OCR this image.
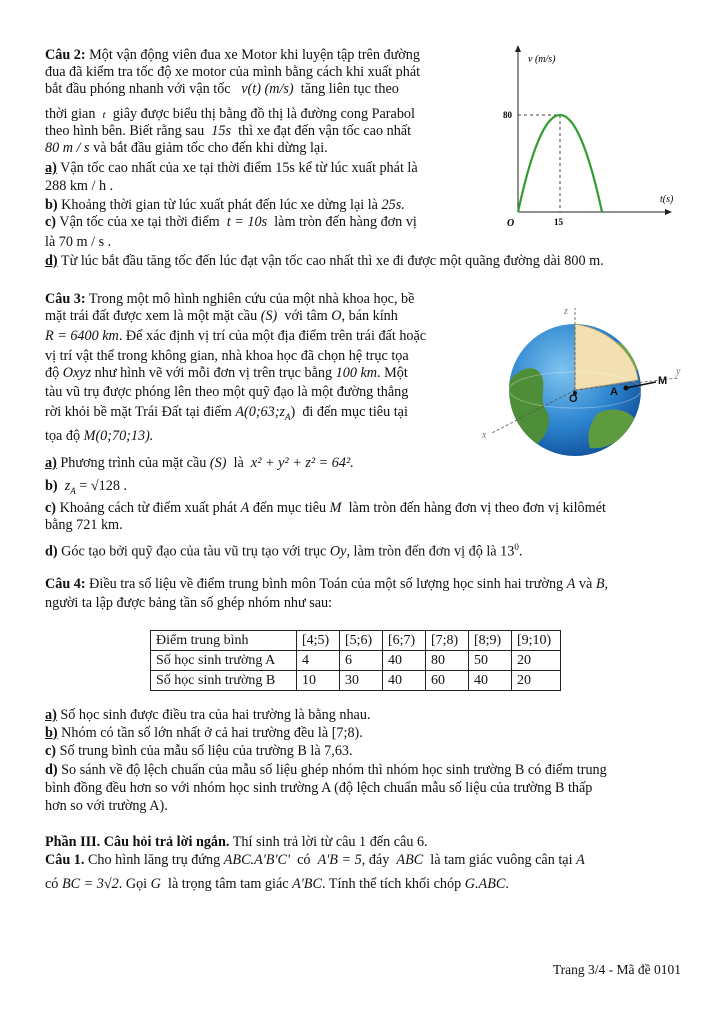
Câu 2: Một vận động viên đua xe Motor khi luyện tập trên đường
đua đã kiểm tra tốc độ xe motor của mình bằng cách khi xuất phát
bắt đầu phóng nhanh với vận tốc v(t) (m/s) tăng liên tục theo
thời gian t giây được biểu thị bằng đồ thị là đường cong Parabol
theo hình bên. Biết rằng sau 15s thì xe đạt đến vận tốc cao nhất
80 m / s và bắt đầu giảm tốc cho đến khi dừng lại.
a) Vận tốc cao nhất của xe tại thời điểm 15s kể từ lúc xuất phát là
288 km / h .
b) Khoảng thời gian từ lúc xuất phát đến lúc xe dừng lại là 25s.
c) Vận tốc của xe tại thời điểm t = 10s làm tròn đến hàng đơn vị
là 70 m / s .
d) Từ lúc bắt đầu tăng tốc đến lúc đạt vận tốc cao nhất thì xe đi được một quãng đường dài 800 m.
v (m/s)
t(s)
O
80
15
Câu 3: Trong một mô hình nghiên cứu của một nhà khoa học, bề
mặt trái đất được xem là một mặt cầu (S) với tâm O, bán kính
R = 6400 km. Để xác định vị trí của một địa điểm trên trái đất hoặc
vị trí vật thể trong không gian, nhà khoa học đã chọn hệ trục tọa
độ Oxyz như hình vẽ với mỗi đơn vị trên trục bằng 100 km. Một
tàu vũ trụ được phóng lên theo một quỹ đạo là một đường thẳng
rời khỏi bề mặt Trái Đất tại điểm $A(0;63;z_A)$ đi đến mục tiêu tại
tọa độ M(0;70;13).
a) Phương trình của mặt cầu (S) là x² + y² + z² = 64².
b) $z_A = √128$ .
c) Khoảng cách từ điểm xuất phát A đến mục tiêu M làm tròn đến hàng đơn vị theo đơn vị kilômét
bằng 721 km.
d) Góc tạo bởi quỹ đạo của tàu vũ trụ tạo với trục Oy, làm tròn đến đơn vị độ là $13^0$.
z
x
y
O
A
M
Câu 4: Điều tra số liệu về điểm trung bình môn Toán của một số lượng học sinh hai trường A và B,
người ta lập được bảng tần số ghép nhóm như sau:
Điểm trung bình	[4;5)	[5;6)	[6;7)	[7;8)	[8;9)	[9;10)
Số học sinh trường A	4	6	40	80	50	20
Số học sinh trường B	10	30	40	60	40	20
a) Số học sinh được điều tra của hai trường là bằng nhau.
b) Nhóm có tần số lớn nhất ở cả hai trường đều là [7;8).
c) Số trung bình của mẫu số liệu của trường B là 7,63.
d) So sánh về độ lệch chuẩn của mẫu số liệu ghép nhóm thì nhóm học sinh trường B có điểm trung
bình đồng đều hơn so với nhóm học sinh trường A (độ lệch chuẩn mẫu số liệu của trường B thấp
hơn so với trường A).
Phần III. Câu hỏi trả lời ngắn. Thí sinh trả lời từ câu 1 đến câu 6.
Câu 1. Cho hình lăng trụ đứng ABC.A'B'C' có A'B = 5, đáy ABC là tam giác vuông cân tại A
có BC = 3√2. Gọi G là trọng tâm tam giác A'BC. Tính thể tích khối chóp G.ABC.
Trang 3/4 - Mã đề 0101
